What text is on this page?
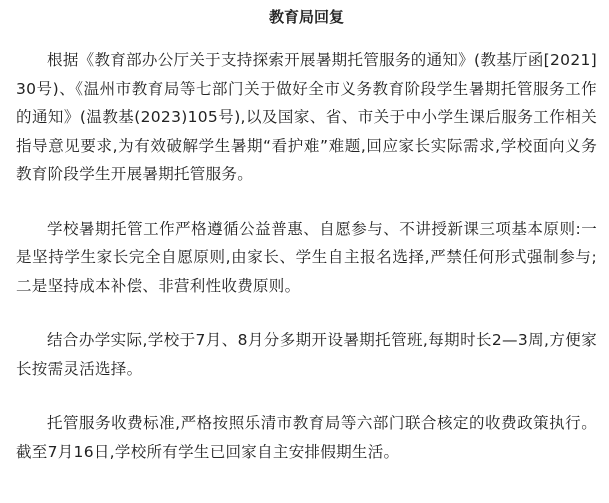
教育局回复

根据《教育部办公厅关于支持探索开展暑期托管服务的通知》(教基厅函[2021] 30号)、《温州市教育局等七部门关于做好全市义务教育阶段学生暑期托管服务工作的通知》(温教基(2023)105号),以及国家、省、市关于中小学生课后服务工作相关指导意见要求,为有效破解学生暑期“看护难”难题,回应家长实际需求,学校面向义务教育阶段学生开展暑期托管服务。

学校暑期托管工作严格遵循公益普惠、自愿参与、不讲授新课三项基本原则:一是坚持学生家长完全自愿原则,由家长、学生自主报名选择,严禁任何形式强制参与;二是坚持成本补偿、非营利性收费原则。

结合办学实际,学校于7月、8月分多期开设暑期托管班,每期时长2—3周,方便家长按需灵活选择。

托管服务收费标准,严格按照乐清市教育局等六部门联合核定的收费政策执行。截至7月16日,学校所有学生已回家自主安排假期生活。
